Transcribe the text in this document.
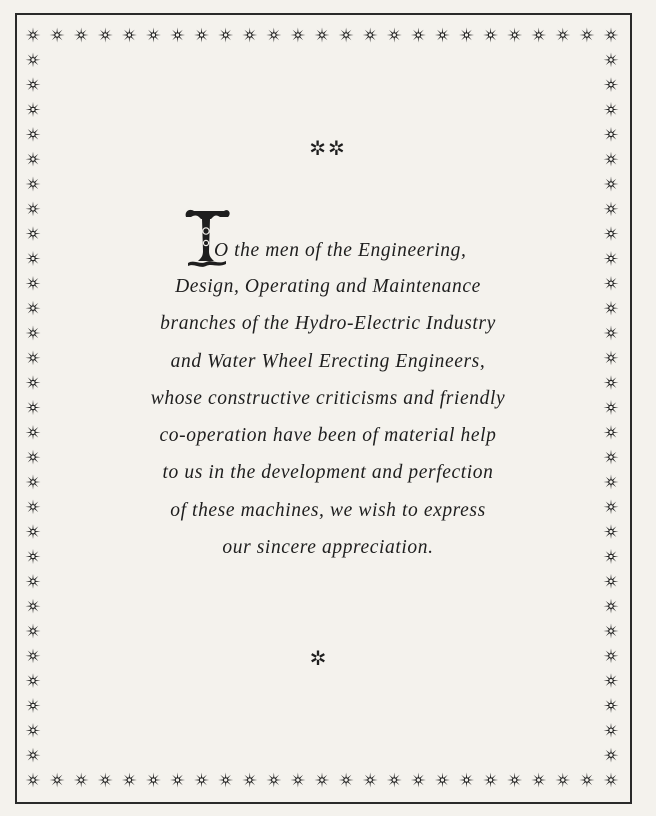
✲✲
O the men of the Engineering,
Design, Operating and Maintenance
branches of the Hydro-Electric Industry
and Water Wheel Erecting Engineers,
whose constructive criticisms and friendly
co-operation have been of material help
to us in the development and perfection
of these machines, we wish to express
our sincere appreciation.
✲
